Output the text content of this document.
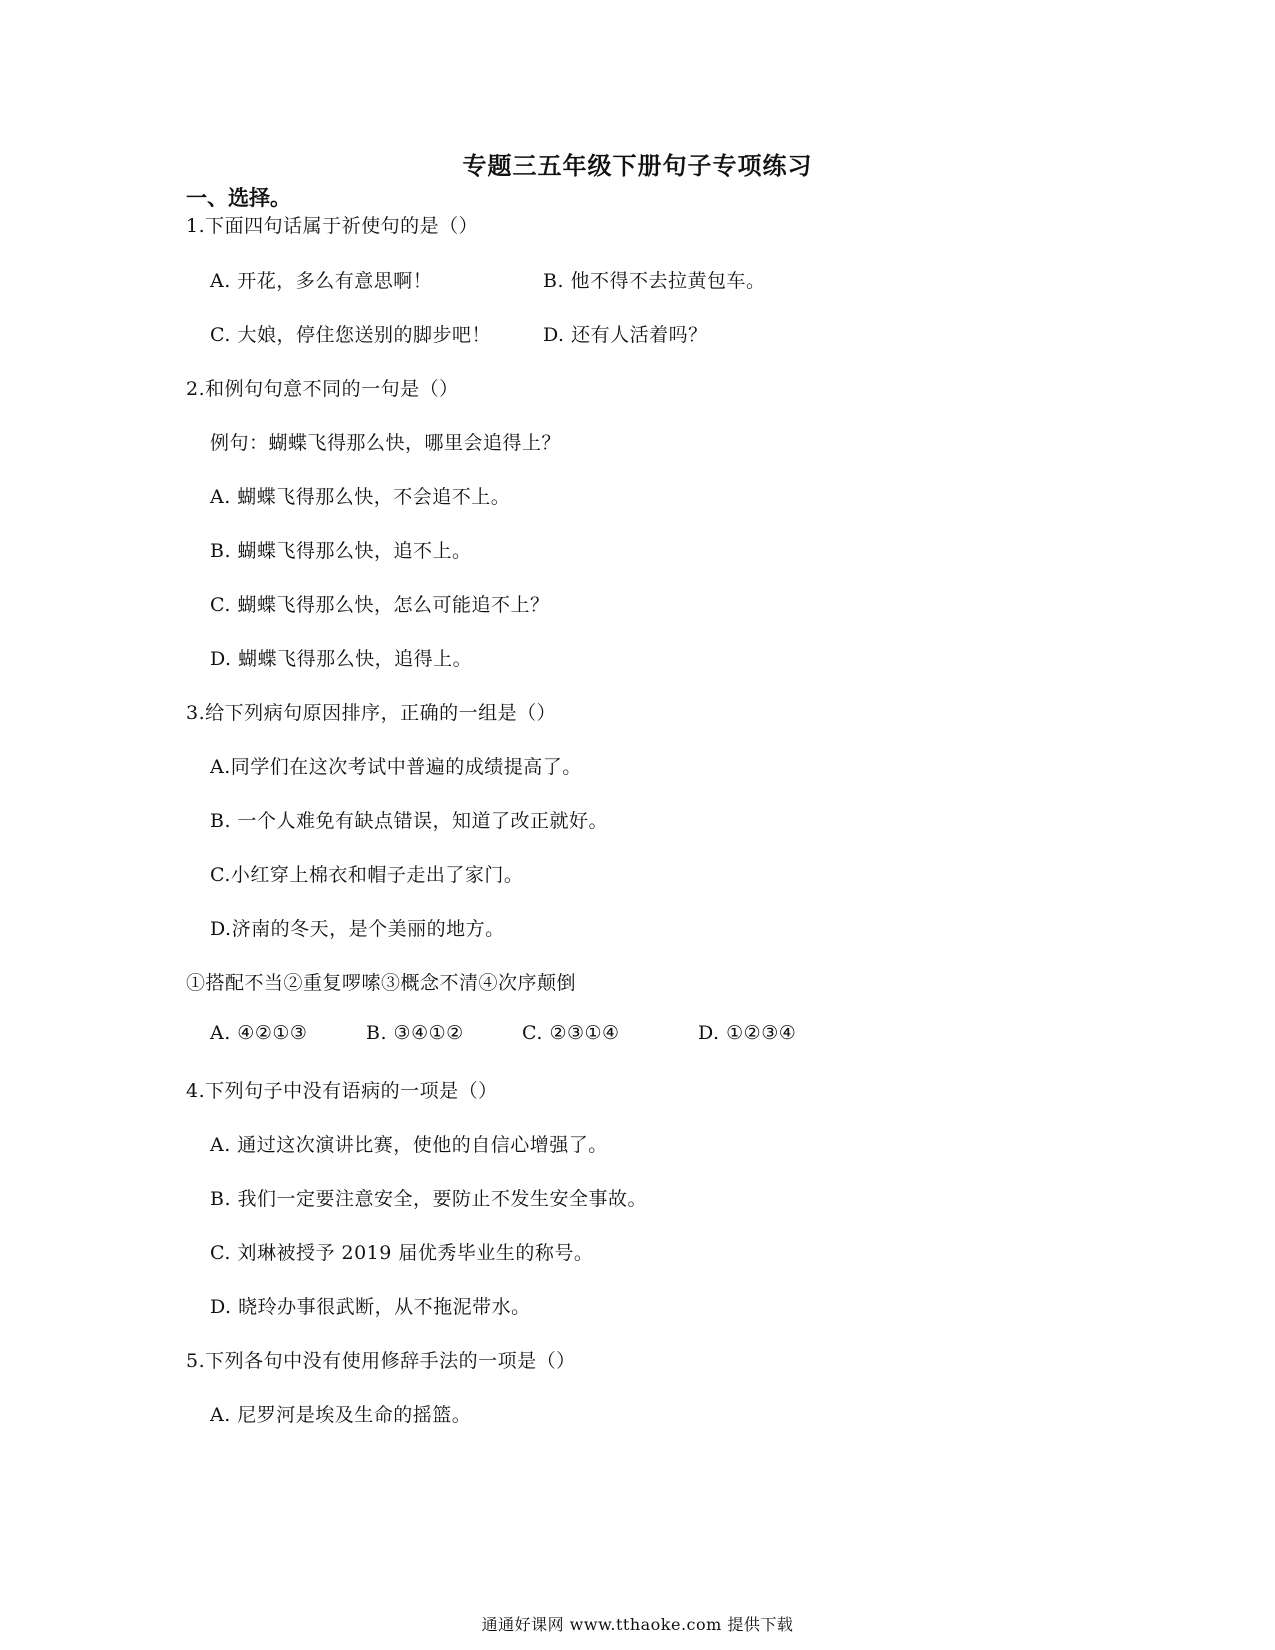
专题三五年级下册句子专项练习
一、选择。
1.下面四句话属于祈使句的是（）
A. 开花，多么有意思啊！	B. 他不得不去拉黄包车。
C. 大娘，停住您送别的脚步吧！	D. 还有人活着吗？
2.和例句句意不同的一句是（）
例句：蝴蝶飞得那么快，哪里会追得上？
A. 蝴蝶飞得那么快，不会追不上。
B. 蝴蝶飞得那么快，追不上。
C. 蝴蝶飞得那么快，怎么可能追不上？
D. 蝴蝶飞得那么快，追得上。
3.给下列病句原因排序，正确的一组是（）
A.同学们在这次考试中普遍的成绩提高了。
B. 一个人难免有缺点错误，知道了改正就好。
C.小红穿上棉衣和帽子走出了家门。
D.济南的冬天，是个美丽的地方。
①搭配不当②重复啰嗦③概念不清④次序颠倒
A. ④②①③	B. ③④①②	C. ②③①④	D. ①②③④
4.下列句子中没有语病的一项是（）
A. 通过这次演讲比赛，使他的自信心增强了。
B. 我们一定要注意安全，要防止不发生安全事故。
C. 刘琳被授予 2019 届优秀毕业生的称号。
D. 晓玲办事很武断，从不拖泥带水。
5.下列各句中没有使用修辞手法的一项是（）
A. 尼罗河是埃及生命的摇篮。
通通好课网 www.tthaoke.com 提供下载
